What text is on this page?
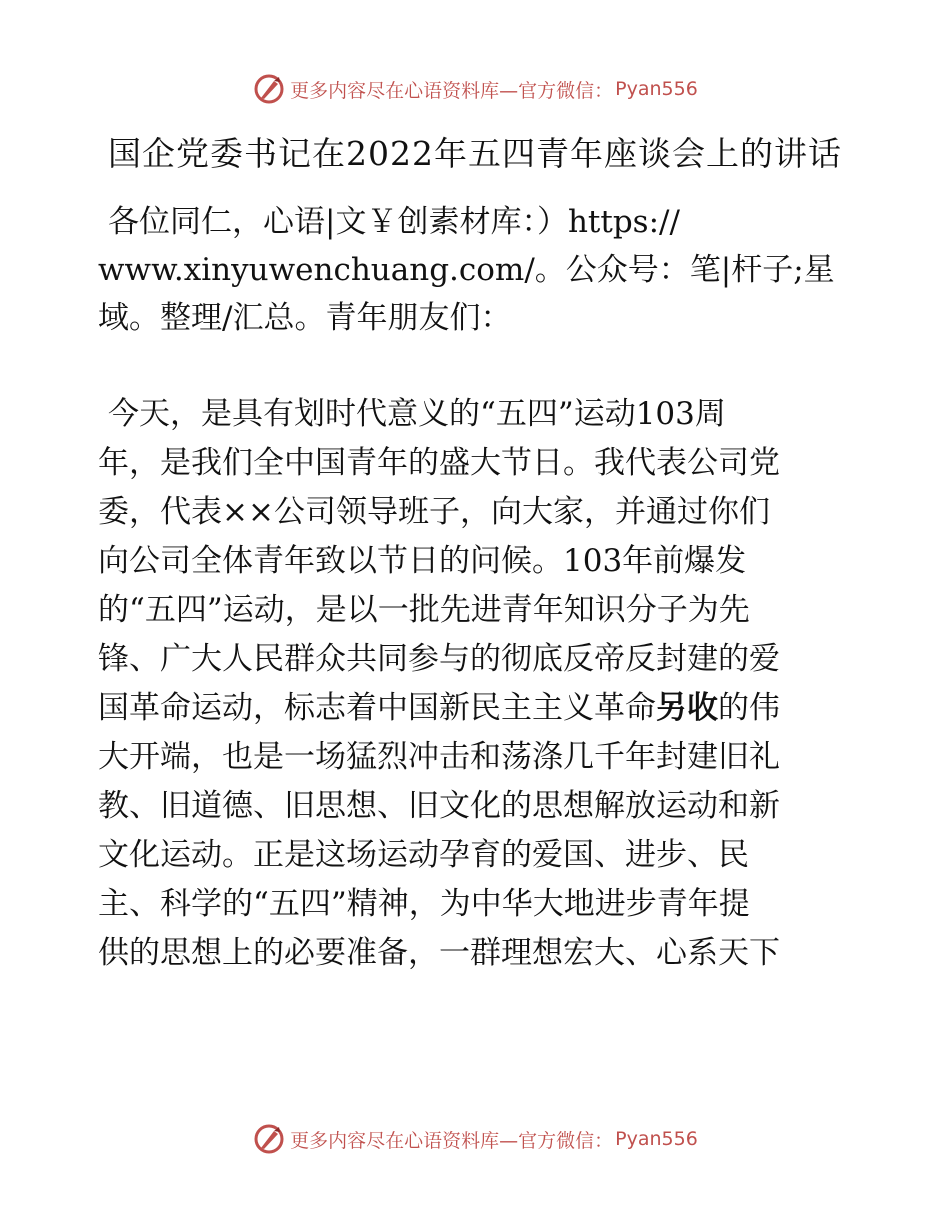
更多内容尽在心语资料库—官方微信： Pyan556
国企党委书记在2022年五四青年座谈会上的讲话
各位同仁，心语|文￥创素材库：）https://
www.xinyuwenchuang.com/。公众号：笔|杆子;星
域。整理/汇总。青年朋友们：
今天，是具有划时代意义的“五四”运动103周
年，是我们全中国青年的盛大节日。我代表公司党
委，代表××公司领导班子，向大家，并通过你们
向公司全体青年致以节日的问候。103年前爆发
的“五四”运动，是以一批先进青年知识分子为先
锋、广大人民群众共同参与的彻底反帝反封建的爱
国革命运动，标志着中国新民主主义革命另收的伟
大开端，也是一场猛烈冲击和荡涤几千年封建旧礼
教、旧道德、旧思想、旧文化的思想解放运动和新
文化运动。正是这场运动孕育的爱国、进步、民
主、科学的“五四”精神，为中华大地进步青年提
供的思想上的必要准备，一群理想宏大、心系天下
更多内容尽在心语资料库—官方微信： Pyan556
